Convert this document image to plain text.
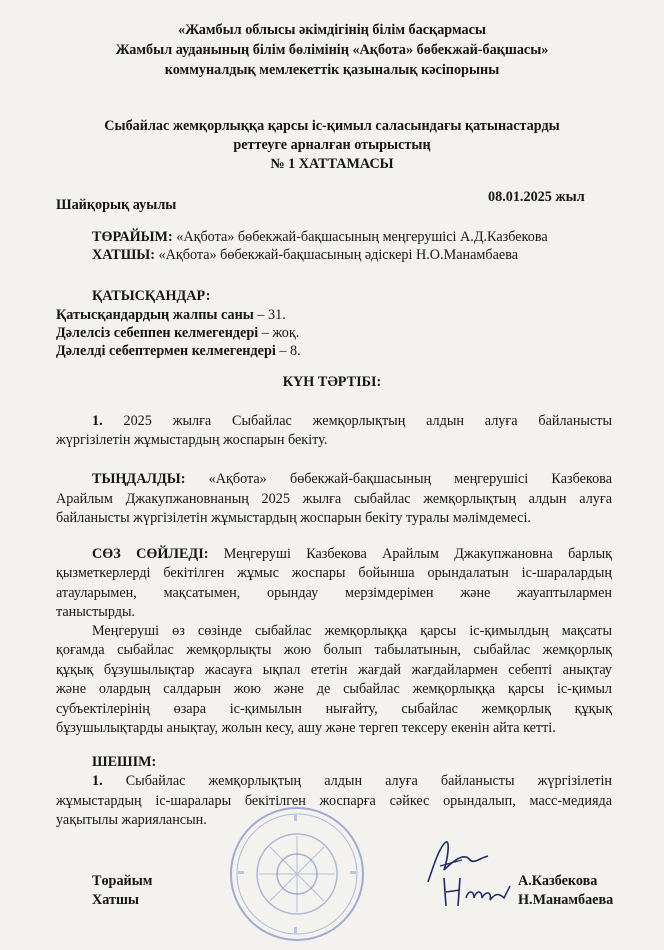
«Жамбыл облысы әкімдігінің білім басқармасы
Жамбыл ауданының білім бөлімінің «Ақбота» бөбекжай-бақшасы»
коммуналдық мемлекеттік қазыналық кәсіпорыны
Сыбайлас жемқорлыққа қарсы іс-қимыл саласындағы қатынастарды
реттеуге арналған отырыстың
№ 1 ХАТТАМАСЫ
Шайқорық ауылы	08.01.2025 жыл
ТӨРАЙЫМ: «Ақбота» бөбекжай-бақшасының меңгерушісі А.Д.Казбекова
ХАТШЫ: «Ақбота» бөбекжай-бақшасының әдіскері Н.О.Манамбаева
ҚАТЫСҚАНДАР:
Қатысқандардың жалпы саны – 31.
Дәлелсіз себеппен келмегендері – жоқ.
Дәлелді себептермен келмегендері – 8.
КҮН ТӘРТІБІ:
1. 2025 жылға Сыбайлас жемқорлықтың алдын алуға байланысты
жүргізілетін жұмыстардың жоспарын бекіту.
ТЫҢДАЛДЫ: «Ақбота» бөбекжай-бақшасының меңгерушісі Казбекова
Арайлым Джакупжановнаның 2025 жылға сыбайлас жемқорлықтың алдын алуға
байланысты жүргізілетін жұмыстардың жоспарын бекіту туралы мәлімдемесі.
СӨЗ СӨЙЛЕДІ: Меңгеруші Казбекова Арайлым Джакупжановна барлық
қызметкерлерді бекітілген жұмыс жоспары бойынша орындалатын іс-шаралардың
атауларымен, мақсатымен, орындау мерзімдерімен және жауаптылармен
таныстырды.
Меңгеруші өз сөзінде сыбайлас жемқорлыққа қарсы іс-қимылдың мақсаты
қоғамда сыбайлас жемқорлықты жою болып табылатынын, сыбайлас жемқорлық
құқық бұзушылықтар жасауға ықпал ететін жағдай жағдайлармен себепті анықтау
және олардың салдарын жою және де сыбайлас жемқорлыққа қарсы іс-қимыл
субъектілерінің өзара іс-қимылын нығайту, сыбайлас жемқорлық құқық
бұзушылықтарды анықтау, жолын кесу, ашу және тергеп тексеру екенін айта кетті.
ШЕШІМ:
1. Сыбайлас жемқорлықтың алдын алуға байланысты жүргізілетін
жұмыстардың іс-шаралары бекітілген жоспарға сәйкес орындалып, масс-медияда
уақытылы жариялансын.
Төрайым
Хатшы
А.Казбекова
Н.Манамбаева
